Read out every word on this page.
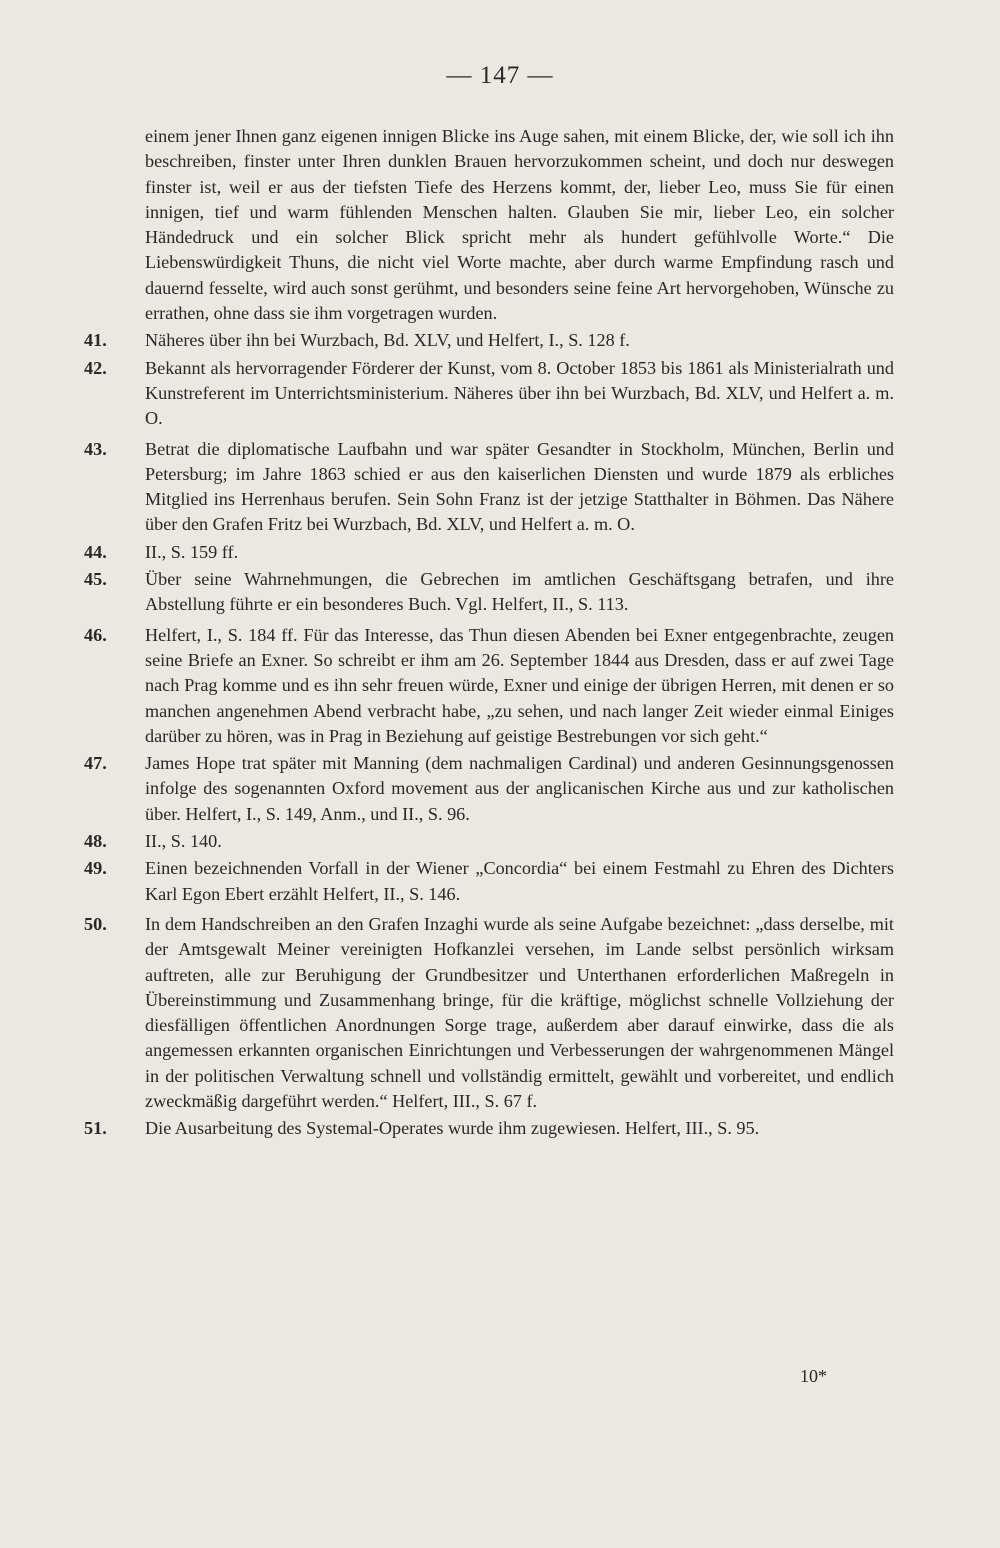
— 147 —
einem jener Ihnen ganz eigenen innigen Blicke ins Auge sahen, mit einem Blicke, der, wie soll ich ihn beschreiben, finster unter Ihren dunklen Brauen hervorzukommen scheint, und doch nur deswegen finster ist, weil er aus der tiefsten Tiefe des Herzens kommt, der, lieber Leo, muss Sie für einen innigen, tief und warm fühlenden Menschen halten. Glauben Sie mir, lieber Leo, ein solcher Händedruck und ein solcher Blick spricht mehr als hundert gefühlvolle Worte.“ Die Liebenswürdigkeit Thuns, die nicht viel Worte machte, aber durch warme Empfindung rasch und dauernd fesselte, wird auch sonst gerühmt, und besonders seine feine Art hervorgehoben, Wünsche zu errathen, ohne dass sie ihm vorgetragen wurden.
41.	Näheres über ihn bei Wurzbach, Bd. XLV, und Helfert, I., S. 128 f.
42.	Bekannt als hervorragender Förderer der Kunst, vom 8. October 1853 bis 1861 als Ministerialrath und Kunstreferent im Unterrichtsministerium. Näheres über ihn bei Wurzbach, Bd. XLV, und Helfert a. m. O.
43.	Betrat die diplomatische Laufbahn und war später Gesandter in Stockholm, München, Berlin und Petersburg; im Jahre 1863 schied er aus den kaiserlichen Diensten und wurde 1879 als erbliches Mitglied ins Herrenhaus berufen. Sein Sohn Franz ist der jetzige Statthalter in Böhmen. Das Nähere über den Grafen Fritz bei Wurzbach, Bd. XLV, und Helfert a. m. O.
44.	II., S. 159 ff.
45.	Über seine Wahrnehmungen, die Gebrechen im amtlichen Geschäftsgang betrafen, und ihre Abstellung führte er ein besonderes Buch. Vgl. Helfert, II., S. 113.
46.	Helfert, I., S. 184 ff. Für das Interesse, das Thun diesen Abenden bei Exner entgegenbrachte, zeugen seine Briefe an Exner. So schreibt er ihm am 26. September 1844 aus Dresden, dass er auf zwei Tage nach Prag komme und es ihn sehr freuen würde, Exner und einige der übrigen Herren, mit denen er so manchen angenehmen Abend verbracht habe, „zu sehen, und nach langer Zeit wieder einmal Einiges darüber zu hören, was in Prag in Beziehung auf geistige Bestrebungen vor sich geht.“
47.	James Hope trat später mit Manning (dem nachmaligen Cardinal) und anderen Gesinnungsgenossen infolge des sogenannten Oxford movement aus der anglicanischen Kirche aus und zur katholischen über. Helfert, I., S. 149, Anm., und II., S. 96.
48.	II., S. 140.
49.	Einen bezeichnenden Vorfall in der Wiener „Concordia“ bei einem Festmahl zu Ehren des Dichters Karl Egon Ebert erzählt Helfert, II., S. 146.
50.	In dem Handschreiben an den Grafen Inzaghi wurde als seine Aufgabe bezeichnet: „dass derselbe, mit der Amtsgewalt Meiner vereinigten Hofkanzlei versehen, im Lande selbst persönlich wirksam auftreten, alle zur Beruhigung der Grundbesitzer und Unterthanen erforderlichen Maßregeln in Übereinstimmung und Zusammenhang bringe, für die kräftige, möglichst schnelle Vollziehung der diesfälligen öffentlichen Anordnungen Sorge trage, außerdem aber darauf einwirke, dass die als angemessen erkannten organischen Einrichtungen und Verbesserungen der wahrgenommenen Mängel in der politischen Verwaltung schnell und vollständig ermittelt, gewählt und vorbereitet, und endlich zweckmäßig dargeführt werden.“ Helfert, III., S. 67 f.
51.	Die Ausarbeitung des Systemal-Operates wurde ihm zugewiesen. Helfert, III., S. 95.
10*
